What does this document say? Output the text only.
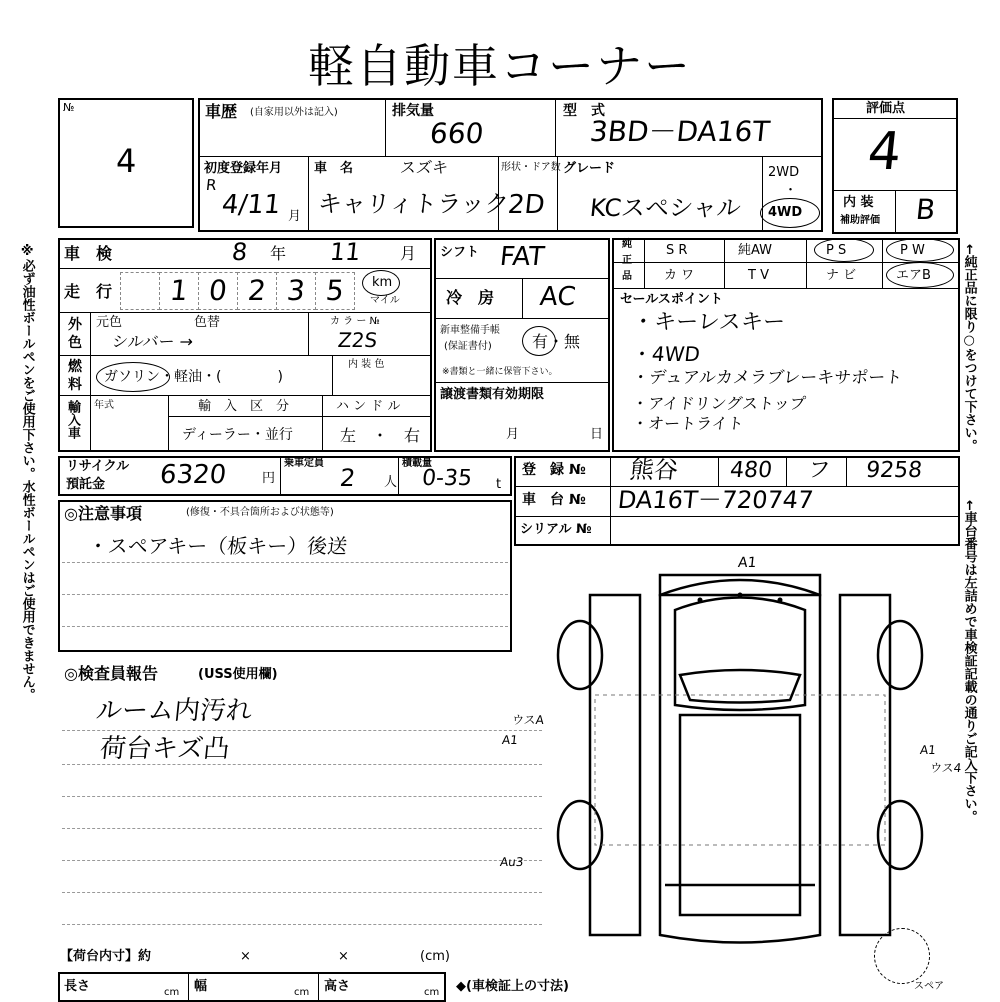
軽自動車コーナー
※必ず油性ボールペンをご使用下さい。水性ボールペンはご使用できません。	←純正品に限り○をつけて下さい。
←車台番号は左詰めで車検証記載の通りご記入下さい。
№
4
車歴 (自家用以外は記入)	排気量
660
型　式
3BD－DA16T
初度登録年月
R
4/11 月
車　名	スズキ
キャリィトラック
形状・ドア数
2D
グレード
KCスペシャル
2WD
・
4WD
評価点
4
内 装
補助評価 B
車　検	8 年 11 月
走　行 1 0 2 3 5 km
マイル
外
色
元色	色替
シルバー →
カ ラ ー №
Z2S
燃
料 ガソリン・軽油・(　　　　)
内 装 色
輸入車 年式	輸　入　区　分
ディーラー・並行
ハ ン ド ル
左　・　右
シフト FAT
冷　房 AC
新車整備手帳
(保証書付)	有・無
※書類と一緒に保管下さい。
譲渡書類有効期限
月	日
純
正
品
S R	純AW	P S	P W
カ ワ	T V	ナ ビ	エアB
セールスポイント
・キーレスキー
・4WD
・デュアルカメラブレーキサポート
・アイドリングストップ
・オートライト
リサイクル
預託金 6320	円
乗車定員
2 人
積載量
0-35 t
登　録 № 熊谷 480 フ 9258
車　台 № DA16T－720747
シリアル №
◎注意事項	(修復・不具合箇所および状態等)
・スペアキー（板キー）後送
◎検査員報告	(USS使用欄)
ルーム内汚れ
荷台キズ凸
A1
ウスA
A1
A1
ウス4
Au3
スペア
【荷台内寸】約	×	×	(cm)
長さ	cm 幅	cm 高さ	cm ◆(車検証上の寸法)
